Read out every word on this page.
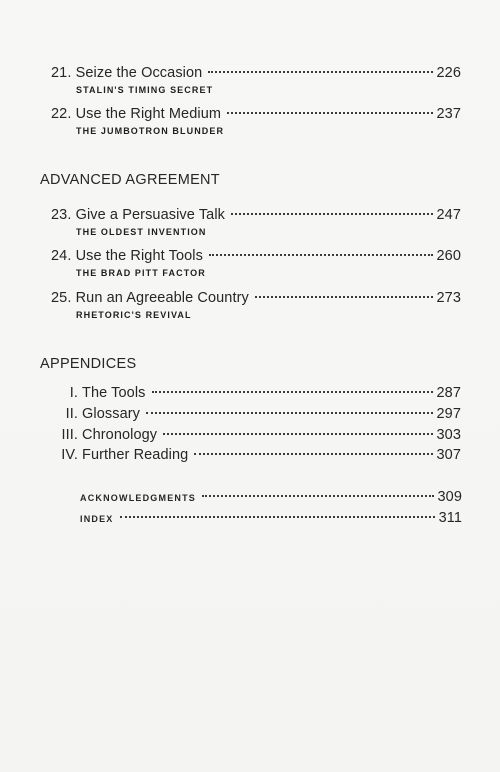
21. Seize the Occasion	226
STALIN'S TIMING SECRET
22. Use the Right Medium	237
THE JUMBOTRON BLUNDER
ADVANCED AGREEMENT
23. Give a Persuasive Talk	247
THE OLDEST INVENTION
24. Use the Right Tools	260
THE BRAD PITT FACTOR
25. Run an Agreeable Country	273
RHETORIC'S REVIVAL
APPENDICES
I. The Tools	287
II. Glossary	297
III. Chronology	303
IV. Further Reading	307
ACKNOWLEDGMENTS	309
INDEX	311
